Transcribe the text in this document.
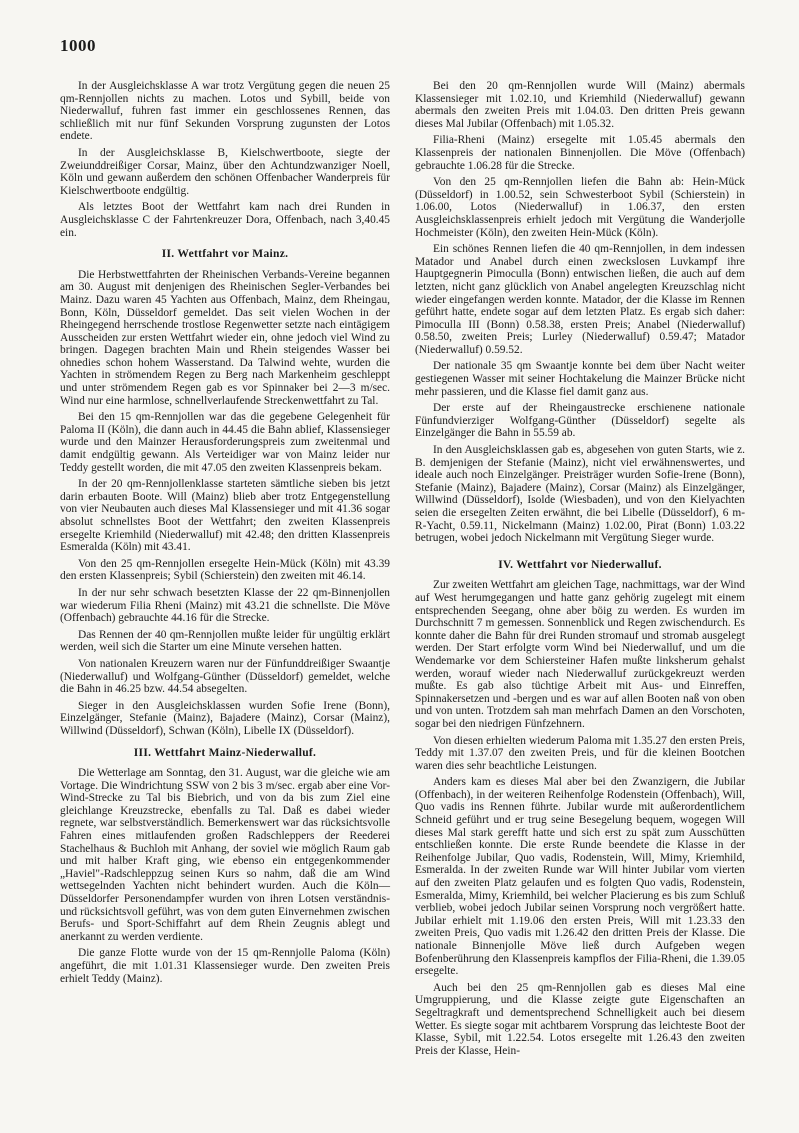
1000

In der Ausgleichsklasse A war trotz Vergütung gegen die neuen 25 qm-Rennjollen nichts zu machen. Lotos und Sybill, beide von Niederwalluf, fuhren fast immer ein geschlossenes Rennen, das schließlich mit nur fünf Sekunden Vorsprung zugunsten der Lotos endete.

In der Ausgleichsklasse B, Kielschwertboote, siegte der Zweiunddreißiger Corsar, Mainz, über den Achtundzwanziger Noell, Köln und gewann außerdem den schönen Offenbacher Wanderpreis für Kielschwertboote endgültig.

Als letztes Boot der Wettfahrt kam nach drei Runden in Ausgleichsklasse C der Fahrtenkreuzer Dora, Offenbach, nach 3,40.45 ein.

II. Wettfahrt vor Mainz.

Die Herbstwettfahrten der Rheinischen Verbands-Vereine begannen am 30. August mit denjenigen des Rheinischen Segler-Verbandes bei Mainz. Dazu waren 45 Yachten aus Offenbach, Mainz, dem Rheingau, Bonn, Köln, Düsseldorf gemeldet. Das seit vielen Wochen in der Rheingegend herrschende trostlose Regenwetter setzte nach eintägigem Ausscheiden zur ersten Wettfahrt wieder ein, ohne jedoch viel Wind zu bringen. Dagegen brachten Main und Rhein steigendes Wasser bei ohnedies schon hohem Wasserstand. Da Talwind wehte, wurden die Yachten in strömendem Regen zu Berg nach Markenheim geschleppt und unter strömendem Regen gab es vor Spinnaker bei 2—3 m/sec. Wind nur eine harmlose, schnellverlaufende Streckenwettfahrt zu Tal.

Bei den 15 qm-Rennjollen war das die gegebene Gelegenheit für Paloma II (Köln), die dann auch in 44.45 die Bahn ablief, Klassensieger wurde und den Mainzer Herausforderungspreis zum zweitenmal und damit endgültig gewann. Als Verteidiger war von Mainz leider nur Teddy gestellt worden, die mit 47.05 den zweiten Klassenpreis bekam.

In der 20 qm-Rennjollenklasse starteten sämtliche sieben bis jetzt darin erbauten Boote. Will (Mainz) blieb aber trotz Entgegenstellung von vier Neubauten auch dieses Mal Klassensieger und mit 41.36 sogar absolut schnellstes Boot der Wettfahrt; den zweiten Klassenpreis ersegelte Kriemhild (Niederwalluf) mit 42.48; den dritten Klassenpreis Esmeralda (Köln) mit 43.41.

Von den 25 qm-Rennjollen ersegelte Hein-Mück (Köln) mit 43.39 den ersten Klassenpreis; Sybil (Schierstein) den zweiten mit 46.14.

In der nur sehr schwach besetzten Klasse der 22 qm-Binnenjollen war wiederum Filia Rheni (Mainz) mit 43.21 die schnellste. Die Möve (Offenbach) gebrauchte 44.16 für die Strecke.

Das Rennen der 40 qm-Rennjollen mußte leider für ungültig erklärt werden, weil sich die Starter um eine Minute versehen hatten.

Von nationalen Kreuzern waren nur der Fünfunddreißiger Swaantje (Niederwalluf) und Wolfgang-Günther (Düsseldorf) gemeldet, welche die Bahn in 46.25 bzw. 44.54 absegelten.

Sieger in den Ausgleichsklassen wurden Sofie Irene (Bonn), Einzelgänger, Stefanie (Mainz), Bajadere (Mainz), Corsar (Mainz), Willwind (Düsseldorf), Schwan (Köln), Libelle IX (Düsseldorf).

III. Wettfahrt Mainz-Niederwalluf.

Die Wetterlage am Sonntag, den 31. August, war die gleiche wie am Vortage. Die Windrichtung SSW von 2 bis 3 m/sec. ergab aber eine Vor-Wind-Strecke zu Tal bis Biebrich, und von da bis zum Ziel eine gleichlange Kreuzstrecke, ebenfalls zu Tal. Daß es dabei wieder regnete, war selbstverständlich. Bemerkenswert war das rücksichtsvolle Fahren eines mitlaufenden großen Radschleppers der Reederei Stachelhaus & Buchloh mit Anhang, der soviel wie möglich Raum gab und mit halber Kraft ging, wie ebenso ein entgegenkommender „Haviel"-Radschleppzug seinen Kurs so nahm, daß die am Wind wettsegelnden Yachten nicht behindert wurden. Auch die Köln—Düsseldorfer Personendampfer wurden von ihren Lotsen verständnis- und rücksichtsvoll geführt, was von dem guten Einvernehmen zwischen Berufs- und Sport-Schiffahrt auf dem Rhein Zeugnis ablegt und anerkannt zu werden verdiente.

Die ganze Flotte wurde von der 15 qm-Rennjolle Paloma (Köln) angeführt, die mit 1.01.31 Klassensieger wurde. Den zweiten Preis erhielt Teddy (Mainz).

Bei den 20 qm-Rennjollen wurde Will (Mainz) abermals Klassensieger mit 1.02.10, und Kriemhild (Niederwalluf) gewann abermals den zweiten Preis mit 1.04.03. Den dritten Preis gewann dieses Mal Jubilar (Offenbach) mit 1.05.32.

Filia-Rheni (Mainz) ersegelte mit 1.05.45 abermals den Klassenpreis der nationalen Binnenjollen. Die Möve (Offenbach) gebrauchte 1.06.28 für die Strecke.

Von den 25 qm-Rennjollen liefen die Bahn ab: Hein-Mück (Düsseldorf) in 1.00.52, sein Schwesterboot Sybil (Schierstein) in 1.06.00, Lotos (Niederwalluf) in 1.06.37, den ersten Ausgleichsklassenpreis erhielt jedoch mit Vergütung die Wanderjolle Hochmeister (Köln), den zweiten Hein-Mück (Köln).

Ein schönes Rennen liefen die 40 qm-Rennjollen, in dem indessen Matador und Anabel durch einen zweckslosen Luvkampf ihre Hauptgegnerin Pimoculla (Bonn) entwischen ließen, die auch auf dem letzten, nicht ganz glücklich von Anabel angelegten Kreuzschlag nicht wieder eingefangen werden konnte. Matador, der die Klasse im Rennen geführt hatte, endete sogar auf dem letzten Platz. Es ergab sich daher: Pimoculla III (Bonn) 0.58.38, ersten Preis; Anabel (Niederwalluf) 0.58.50, zweiten Preis; Lurley (Niederwalluf) 0.59.47; Matador (Niederwalluf) 0.59.52.

Der nationale 35 qm Swaantje konnte bei dem über Nacht weiter gestiegenen Wasser mit seiner Hochtakelung die Mainzer Brücke nicht mehr passieren, und die Klasse fiel damit ganz aus.

Der erste auf der Rheingaustrecke erschienene nationale Fünfundvierziger Wolfgang-Günther (Düsseldorf) segelte als Einzelgänger die Bahn in 55.59 ab.

In den Ausgleichsklassen gab es, abgesehen von guten Starts, wie z. B. demjenigen der Stefanie (Mainz), nicht viel erwähnenswertes, und ideale auch noch Einzelgänger. Preisträger wurden Sofie-Irene (Bonn), Stefanie (Mainz), Bajadere (Mainz), Corsar (Mainz) als Einzelgänger, Willwind (Düsseldorf), Isolde (Wiesbaden), und von den Kielyachten seien die ersegelten Zeiten erwähnt, die bei Libelle (Düsseldorf), 6 m-R-Yacht, 0.59.11, Nickelmann (Mainz) 1.02.00, Pirat (Bonn) 1.03.22 betrugen, wobei jedoch Nickelmann mit Vergütung Sieger wurde.

IV. Wettfahrt vor Niederwalluf.

Zur zweiten Wettfahrt am gleichen Tage, nachmittags, war der Wind auf West herumgegangen und hatte ganz gehörig zugelegt mit einem entsprechenden Seegang, ohne aber böig zu werden. Es wurden im Durchschnitt 7 m gemessen. Sonnenblick und Regen zwischendurch. Es konnte daher die Bahn für drei Runden stromauf und stromab ausgelegt werden. Der Start erfolgte vorm Wind bei Niederwalluf, und um die Wendemarke vor dem Schiersteiner Hafen mußte linksherum gehalst werden, worauf wieder nach Niederwalluf zurückgekreuzt werden mußte. Es gab also tüchtige Arbeit mit Aus- und Einreffen, Spinnakersetzen und -bergen und es war auf allen Booten naß von oben und von unten. Trotzdem sah man mehrfach Damen an den Vorschoten, sogar bei den niedrigen Fünfzehnern.

Von diesen erhielten wiederum Paloma mit 1.35.27 den ersten Preis, Teddy mit 1.37.07 den zweiten Preis, und für die kleinen Bootchen waren dies sehr beachtliche Leistungen.

Anders kam es dieses Mal aber bei den Zwanzigern, die Jubilar (Offenbach), in der weiteren Reihenfolge Rodenstein (Offenbach), Will, Quo vadis ins Rennen führte. Jubilar wurde mit außerordentlichem Schneid geführt und er trug seine Besegelung bequem, wogegen Will dieses Mal stark gerefft hatte und sich erst zu spät zum Ausschütten entschließen konnte. Die erste Runde beendete die Klasse in der Reihenfolge Jubilar, Quo vadis, Rodenstein, Will, Mimy, Kriemhild, Esmeralda. In der zweiten Runde war Will hinter Jubilar vom vierten auf den zweiten Platz gelaufen und es folgten Quo vadis, Rodenstein, Esmeralda, Mimy, Kriemhild, bei welcher Placierung es bis zum Schluß verblieb, wobei jedoch Jubilar seinen Vorsprung noch vergrößert hatte. Jubilar erhielt mit 1.19.06 den ersten Preis, Will mit 1.23.33 den zweiten Preis, Quo vadis mit 1.26.42 den dritten Preis der Klasse. Die nationale Binnenjolle Möve ließ durch Aufgeben wegen Bofenberührung den Klassenpreis kampflos der Filia-Rheni, die 1.39.05 ersegelte.

Auch bei den 25 qm-Rennjollen gab es dieses Mal eine Umgruppierung, und die Klasse zeigte gute Eigenschaften an Segeltragkraft und dementsprechend Schnelligkeit auch bei diesem Wetter. Es siegte sogar mit achtbarem Vorsprung das leichteste Boot der Klasse, Sybil, mit 1.22.54. Lotos ersegelte mit 1.26.43 den zweiten Preis der Klasse, Hein-
